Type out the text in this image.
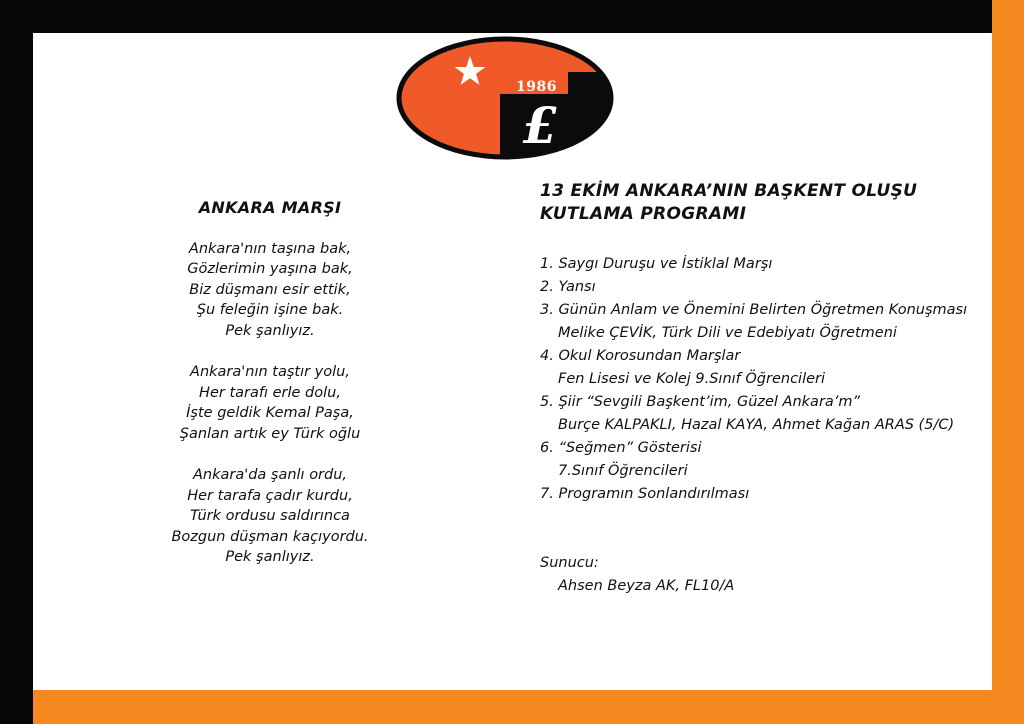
1986
£
ANKARA MARŞI
Ankara'nın taşına bak,
Gözlerimin yaşına bak,
Biz düşmanı esir ettik,
Şu feleğin işine bak.
Pek şanlıyız.
Ankara'nın taştır yolu,
Her tarafı erle dolu,
İşte geldik Kemal Paşa,
Şanlan artık ey Türk oğlu
Ankara'da şanlı ordu,
Her tarafa çadır kurdu,
Türk ordusu saldırınca
Bozgun düşman kaçıyordu.
Pek şanlıyız.
13 EKİM ANKARA’NIN BAŞKENT OLUŞU
KUTLAMA PROGRAMI
1. Saygı Duruşu ve İstiklal Marşı
2. Yansı
3. Günün Anlam ve Önemini Belirten Öğretmen Konuşması
Melike ÇEVİK, Türk Dili ve Edebiyatı Öğretmeni
4. Okul Korosundan Marşlar
Fen Lisesi ve Kolej 9.Sınıf Öğrencileri
5. Şiir “Sevgili Başkent’im, Güzel Ankara’m”
Burçe KALPAKLI, Hazal KAYA, Ahmet Kağan ARAS (5/C)
6. “Seğmen” Gösterisi
7.Sınıf Öğrencileri
7. Programın Sonlandırılması
Sunucu:
Ahsen Beyza AK, FL10/A
